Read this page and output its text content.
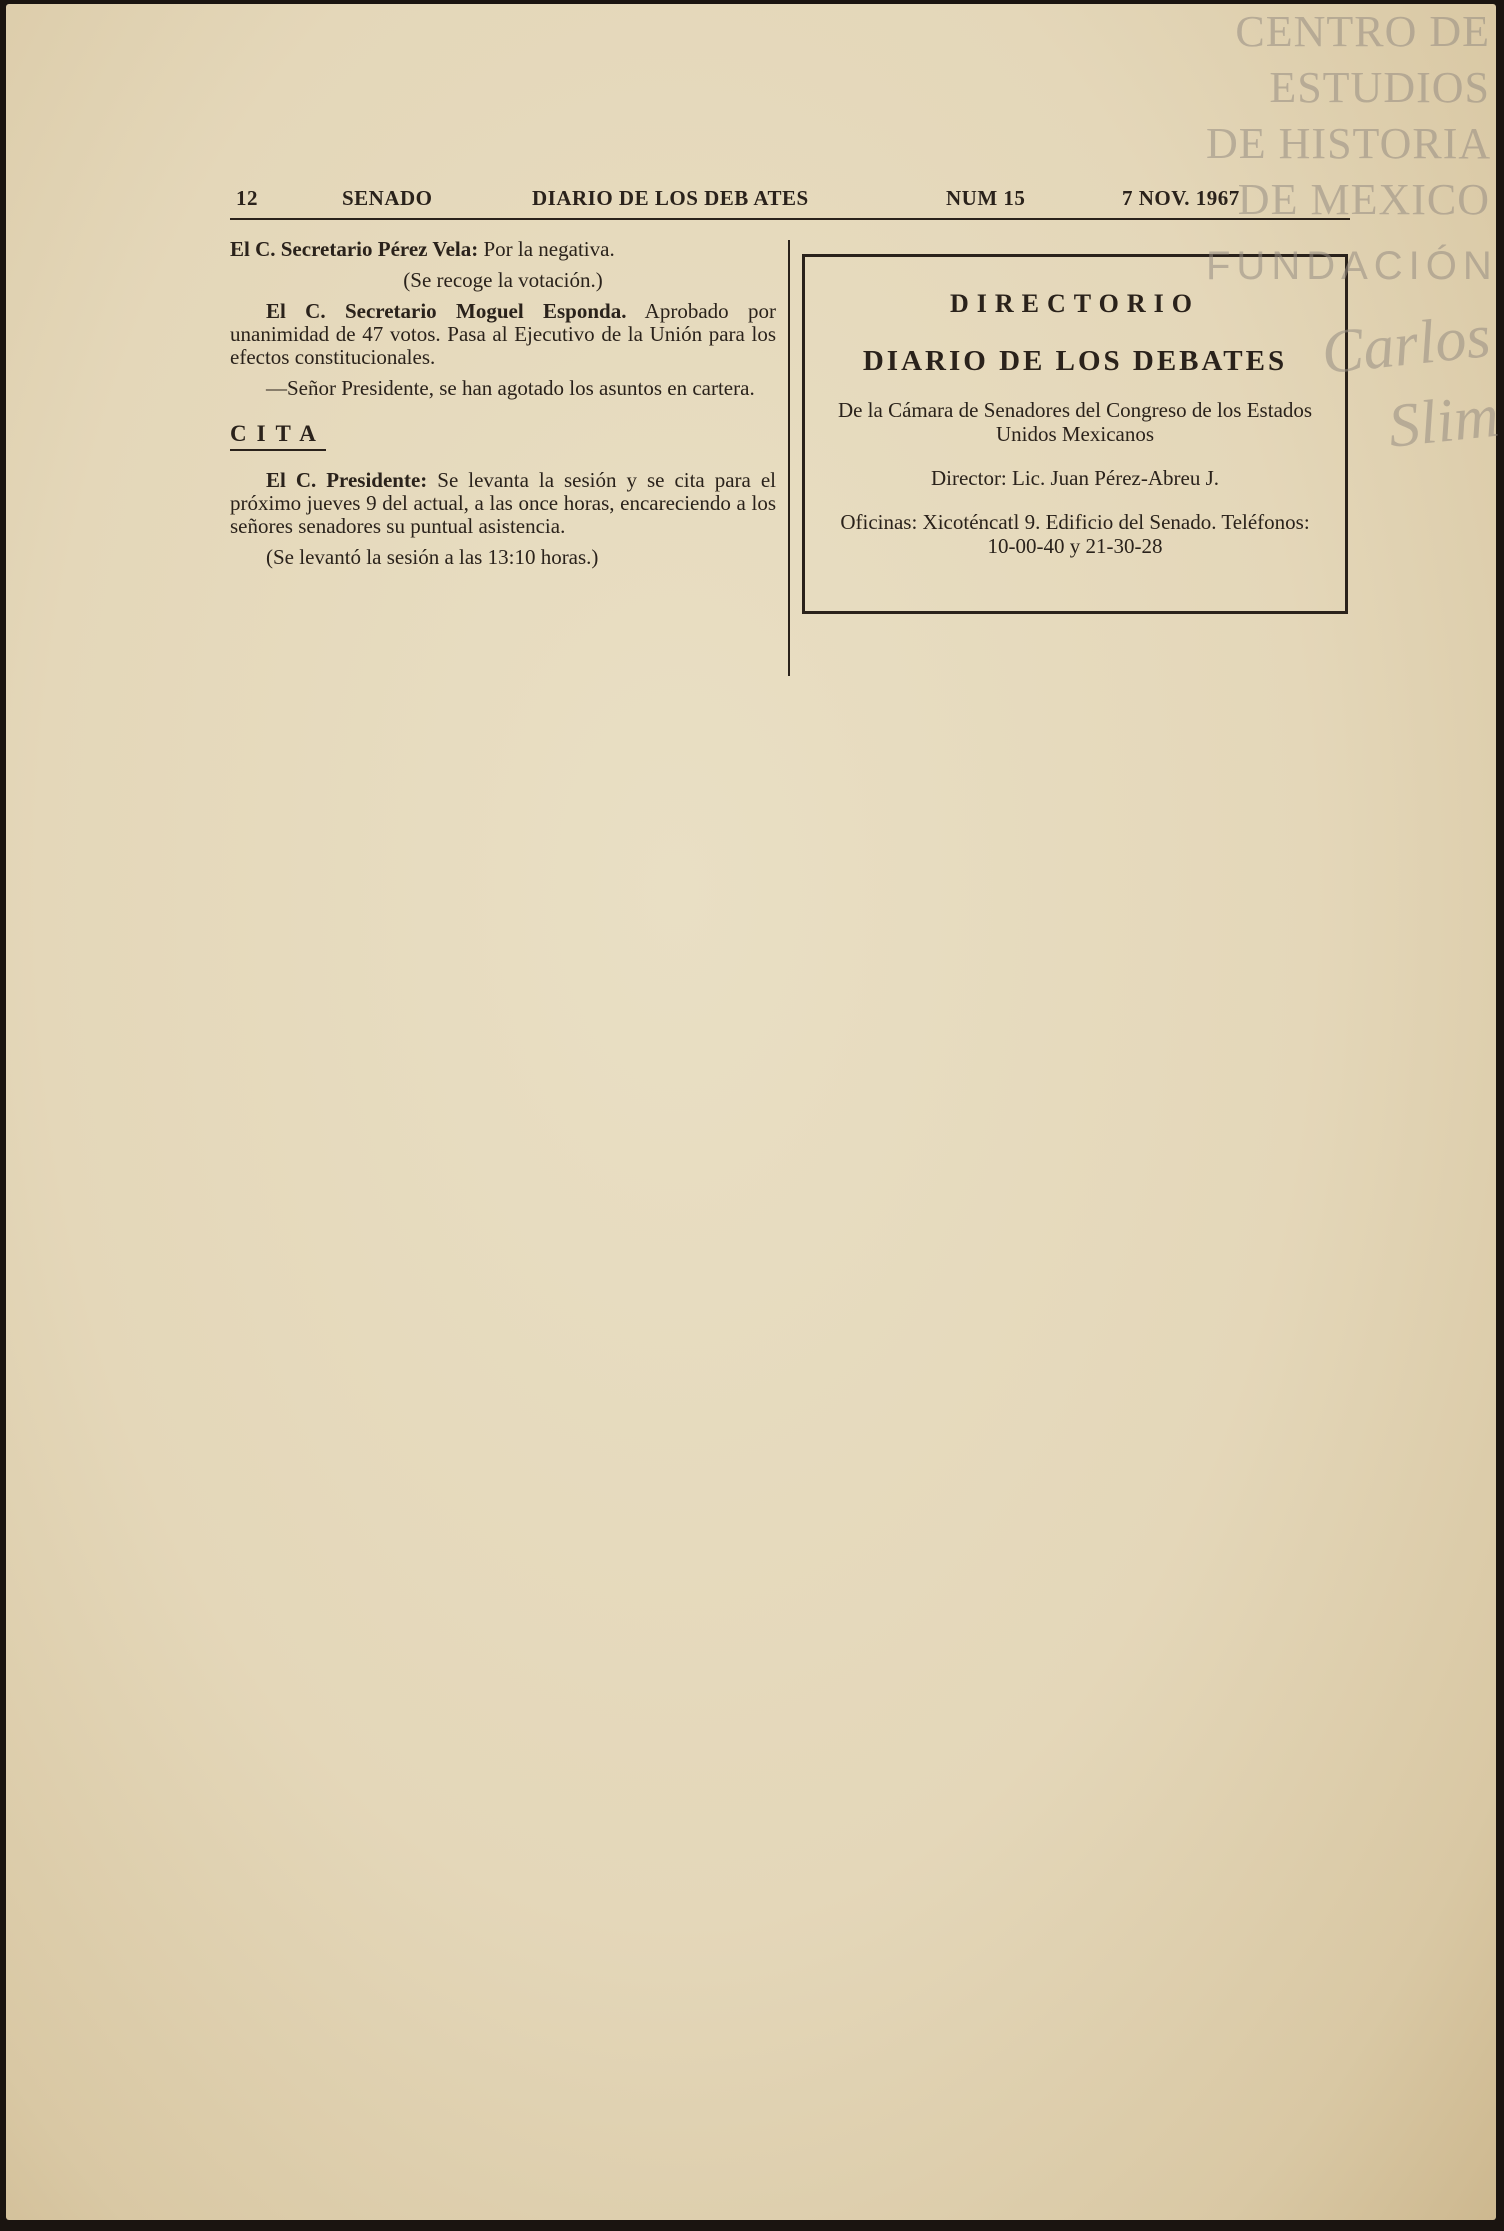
12	SENADO	DIARIO DE LOS DEB ATES	NUM 15	7 NOV. 1967

El C. Secretario Pérez Vela: Por la negativa.

(Se recoge la votación.)

El C. Secretario Moguel Esponda. Aprobado por unanimidad de 47 votos. Pasa al Ejecutivo de la Unión para los efectos constitucionales.

—Señor Presidente, se han agotado los asuntos en cartera.

CITA

El C. Presidente: Se levanta la sesión y se cita para el próximo jueves 9 del actual, a las once horas, encareciendo a los señores senadores su puntual asistencia.

(Se levantó la sesión a las 13:10 horas.)

DIRECTORIO
DIARIO DE LOS DEBATES
De la Cámara de Senadores del Congreso de los Estados Unidos Mexicanos
Director: Lic. Juan Pérez-Abreu J.
Oficinas: Xicoténcatl 9. Edificio del Senado. Teléfonos: 10-00-40 y 21-30-28
CENTRO DE
ESTUDIOS
DE HISTORIA
DE MEXICO
FUNDACIÓN
Carlos Slim
